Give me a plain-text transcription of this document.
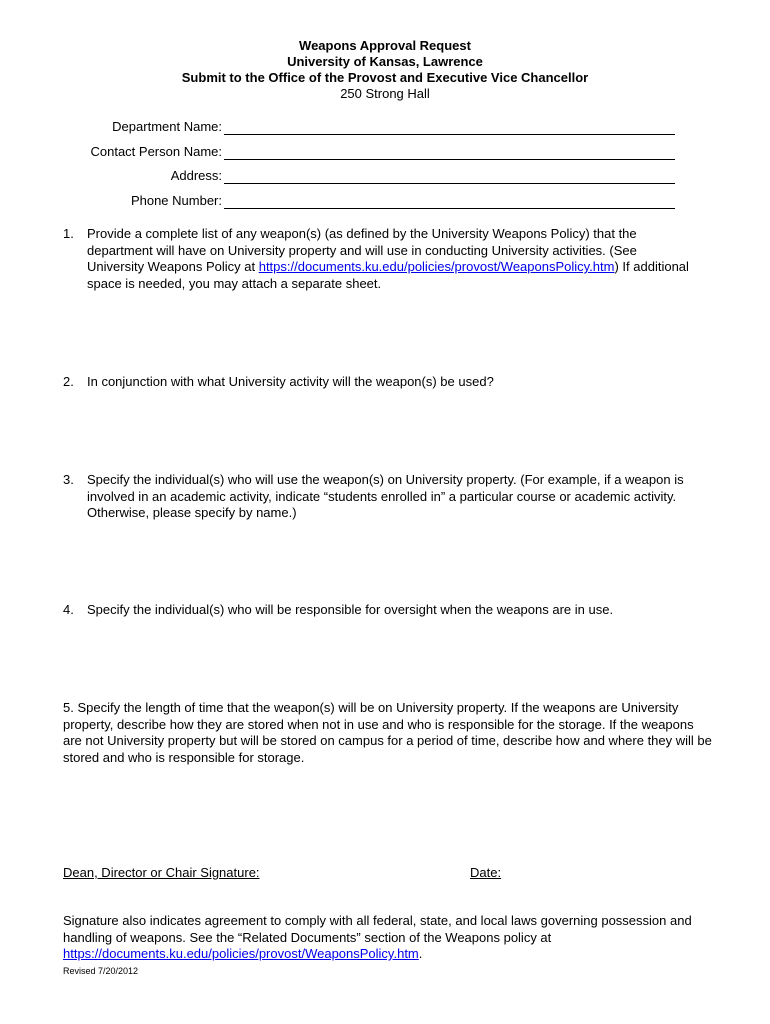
Weapons Approval Request
University of Kansas, Lawrence
Submit to the Office of the Provost and Executive Vice Chancellor
250 Strong Hall
Department Name:
Contact Person Name:
Address:
Phone Number:
1. Provide a complete list of any weapon(s) (as defined by the University Weapons Policy) that the department will have on University property and will use in conducting University activities. (See University Weapons Policy at https://documents.ku.edu/policies/provost/WeaponsPolicy.htm) If additional space is needed, you may attach a separate sheet.
2. In conjunction with what University activity will the weapon(s) be used?
3. Specify the individual(s) who will use the weapon(s) on University property. (For example, if a weapon is involved in an academic activity, indicate “students enrolled in” a particular course or academic activity. Otherwise, please specify by name.)
4. Specify the individual(s) who will be responsible for oversight when the weapons are in use.
5. Specify the length of time that the weapon(s) will be on University property. If the weapons are University property, describe how they are stored when not in use and who is responsible for the storage. If the weapons are not University property but will be stored on campus for a period of time, describe how and where they will be stored and who is responsible for storage.
Dean, Director or Chair Signature:	Date:
Signature also indicates agreement to comply with all federal, state, and local laws governing possession and handling of weapons. See the “Related Documents” section of the Weapons policy at https://documents.ku.edu/policies/provost/WeaponsPolicy.htm.
Revised 7/20/2012
